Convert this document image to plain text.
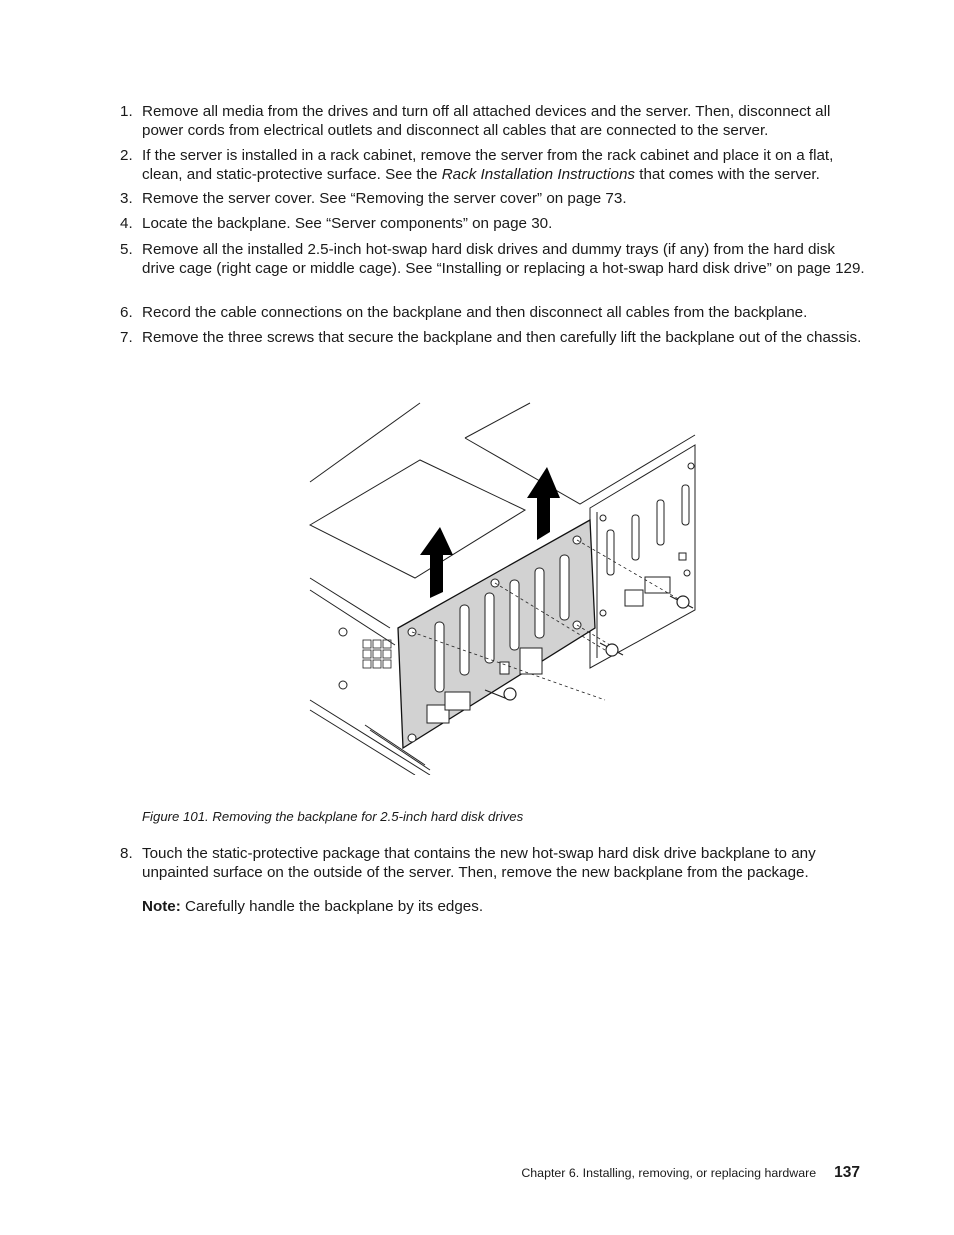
1. Remove all media from the drives and turn off all attached devices and the server. Then, disconnect all power cords from electrical outlets and disconnect all cables that are connected to the server.
2. If the server is installed in a rack cabinet, remove the server from the rack cabinet and place it on a flat, clean, and static-protective surface. See the Rack Installation Instructions that comes with the server.
3. Remove the server cover. See “Removing the server cover” on page 73.
4. Locate the backplane. See “Server components” on page 30.
5. Remove all the installed 2.5-inch hot-swap hard disk drives and dummy trays (if any) from the hard disk drive cage (right cage or middle cage). See “Installing or replacing a hot-swap hard disk drive” on page 129.
6. Record the cable connections on the backplane and then disconnect all cables from the backplane.
7. Remove the three screws that secure the backplane and then carefully lift the backplane out of the chassis.
Figure 101. Removing the backplane for 2.5-inch hard disk drives
8. Touch the static-protective package that contains the new hot-swap hard disk drive backplane to any unpainted surface on the outside of the server. Then, remove the new backplane from the package.
Note: Carefully handle the backplane by its edges.
Chapter 6. Installing, removing, or replacing hardware 137
